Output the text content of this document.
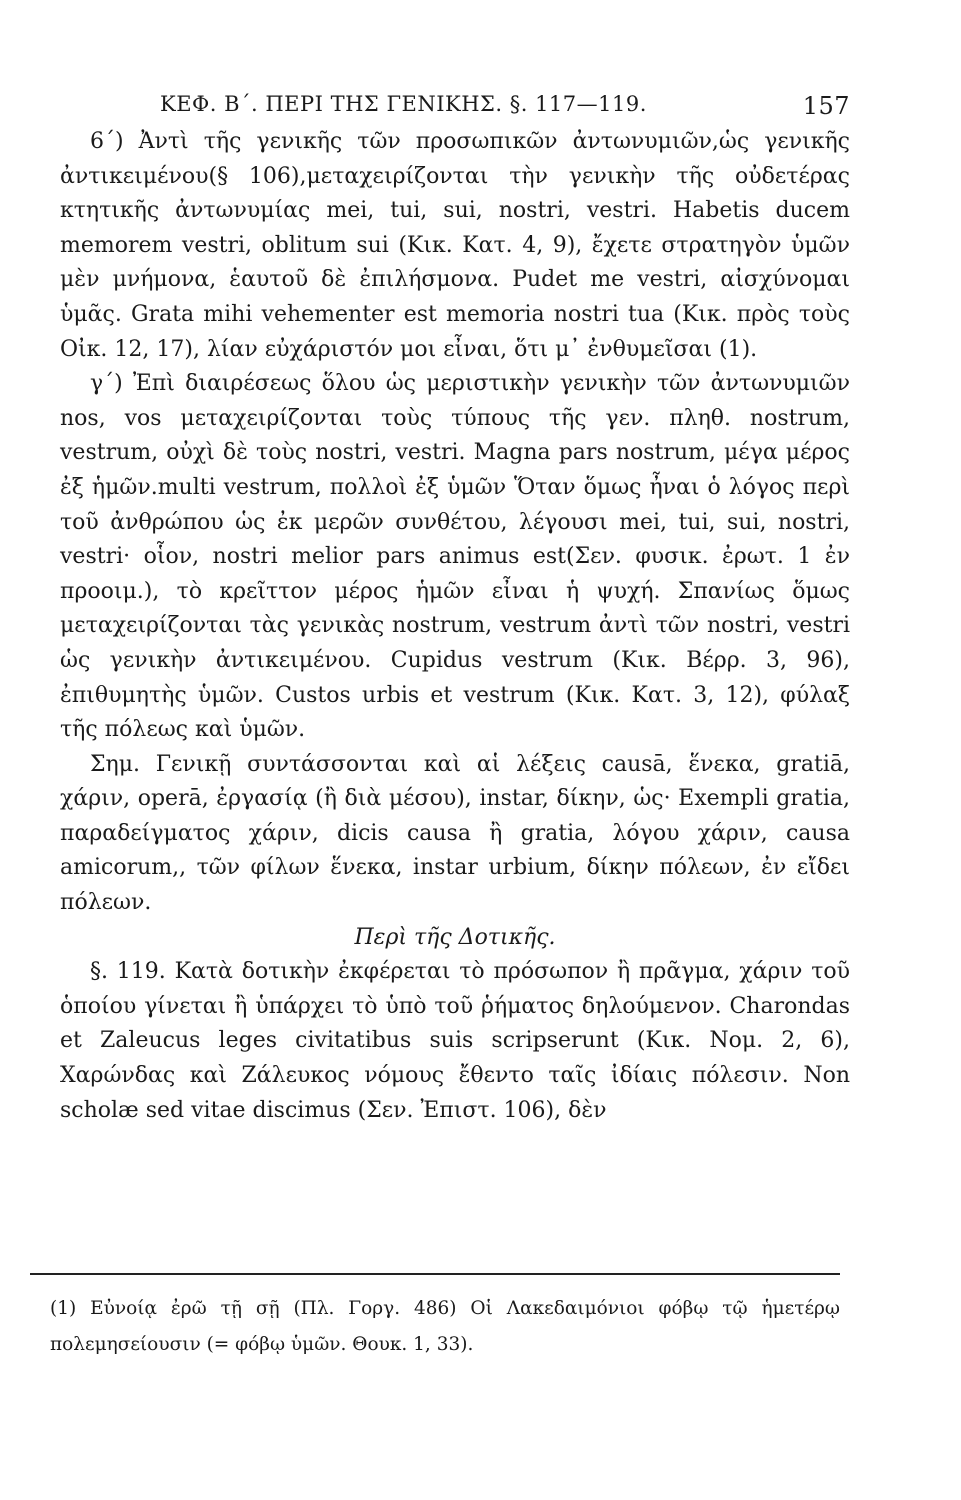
ΚΕΦ. Β΄. ΠΕΡΙ ΤΗΣ ΓΕΝΙΚΗΣ. §. 117—119.	157

6΄) Ἀντὶ τῆς γενικῆς τῶν προσωπικῶν ἀντωνυμιῶν,ὡς γενικῆς ἀντικειμένου(§ 106),μεταχειρίζονται τὴν γενικὴν τῆς οὐδετέρας κτητικῆς ἀντωνυμίας mei, tui, sui, nostri, vestri. Habetis ducem memorem vestri, oblitum sui (Κικ. Κατ. 4, 9), ἔχετε στρατηγὸν ὑμῶν μὲν μνήμονα, ἑαυτοῦ δὲ ἐπιλήσμονα. Pudet me vestri, αἰσχύνομαι ὑμᾶς. Grata mihi vehementer est memoria nostri tua (Κικ. πρὸς τοὺς Οἰκ. 12, 17), λίαν εὐχάριστόν μοι εἶναι, ὅτι μ᾽ ἐνθυμεῖσαι (1).

γ΄) Ἐπὶ διαιρέσεως ὅλου ὡς μεριστικὴν γενικὴν τῶν ἀντωνυμιῶν nos, vos μεταχειρίζονται τοὺς τύπους τῆς γεν. πληθ. nostrum, vestrum, οὐχὶ δὲ τοὺς nostri, vestri. Magna pars nostrum, μέγα μέρος ἐξ ἡμῶν.multi vestrum, πολλοὶ ἐξ ὑμῶν Ὅταν ὅμως ἦναι ὁ λόγος περὶ τοῦ ἀνθρώπου ὡς ἐκ μερῶν συνθέτου, λέγουσι mei, tui, sui, nostri, vestri· οἷον, nostri melior pars animus est(Σεν. φυσικ. ἐρωτ. 1 ἐν προοιμ.), τὸ κρεῖττον μέρος ἡμῶν εἶναι ἡ ψυχή. Σπανίως ὅμως μεταχειρίζονται τὰς γενικὰς nostrum, vestrum ἀντὶ τῶν nostri, vestri ὡς γενικὴν ἀντικειμένου. Cupidus vestrum (Κικ. Βέρρ. 3, 96), ἐπιθυμητὴς ὑμῶν. Custos urbis et vestrum (Κικ. Κατ. 3, 12), φύλαξ τῆς πόλεως καὶ ὑμῶν.

Σημ. Γενικῇ συντάσσονται καὶ αἱ λέξεις causā, ἕνεκα, gratiā, χάριν, operā, ἐργασίᾳ (ἢ διὰ μέσου), instar, δίκην, ὡς· Exempli gratia, παραδείγματος χάριν, dicis causa ἢ gratia, λόγου χάριν, causa amicorum,, τῶν φίλων ἕνεκα, instar urbium, δίκην πόλεων, ἐν εἴδει πόλεων.

Περὶ τῆς Δοτικῆς.

§. 119. Κατὰ δοτικὴν ἐκφέρεται τὸ πρόσωπον ἢ πρᾶγμα, χάριν τοῦ ὁποίου γίνεται ἢ ὑπάρχει τὸ ὑπὸ τοῦ ῥήματος δηλούμενον. Charondas et Zaleucus leges civitatibus suis scripserunt (Κικ. Νομ. 2, 6), Χαρώνδας καὶ Ζάλευκος νόμους ἔθεντο ταῖς ἰδίαις πόλεσιν. Non scholæ sed vitae discimus (Σεν. Ἐπιστ. 106), δὲν

(1) Εὐνοίᾳ ἐρῶ τῇ σῇ (Πλ. Γοργ. 486) Οἱ Λακεδαιμόνιοι φόβῳ τῷ ἡμετέρῳ πολεμησείουσιν (= φόβῳ ὑμῶν. Θουκ. 1, 33).
